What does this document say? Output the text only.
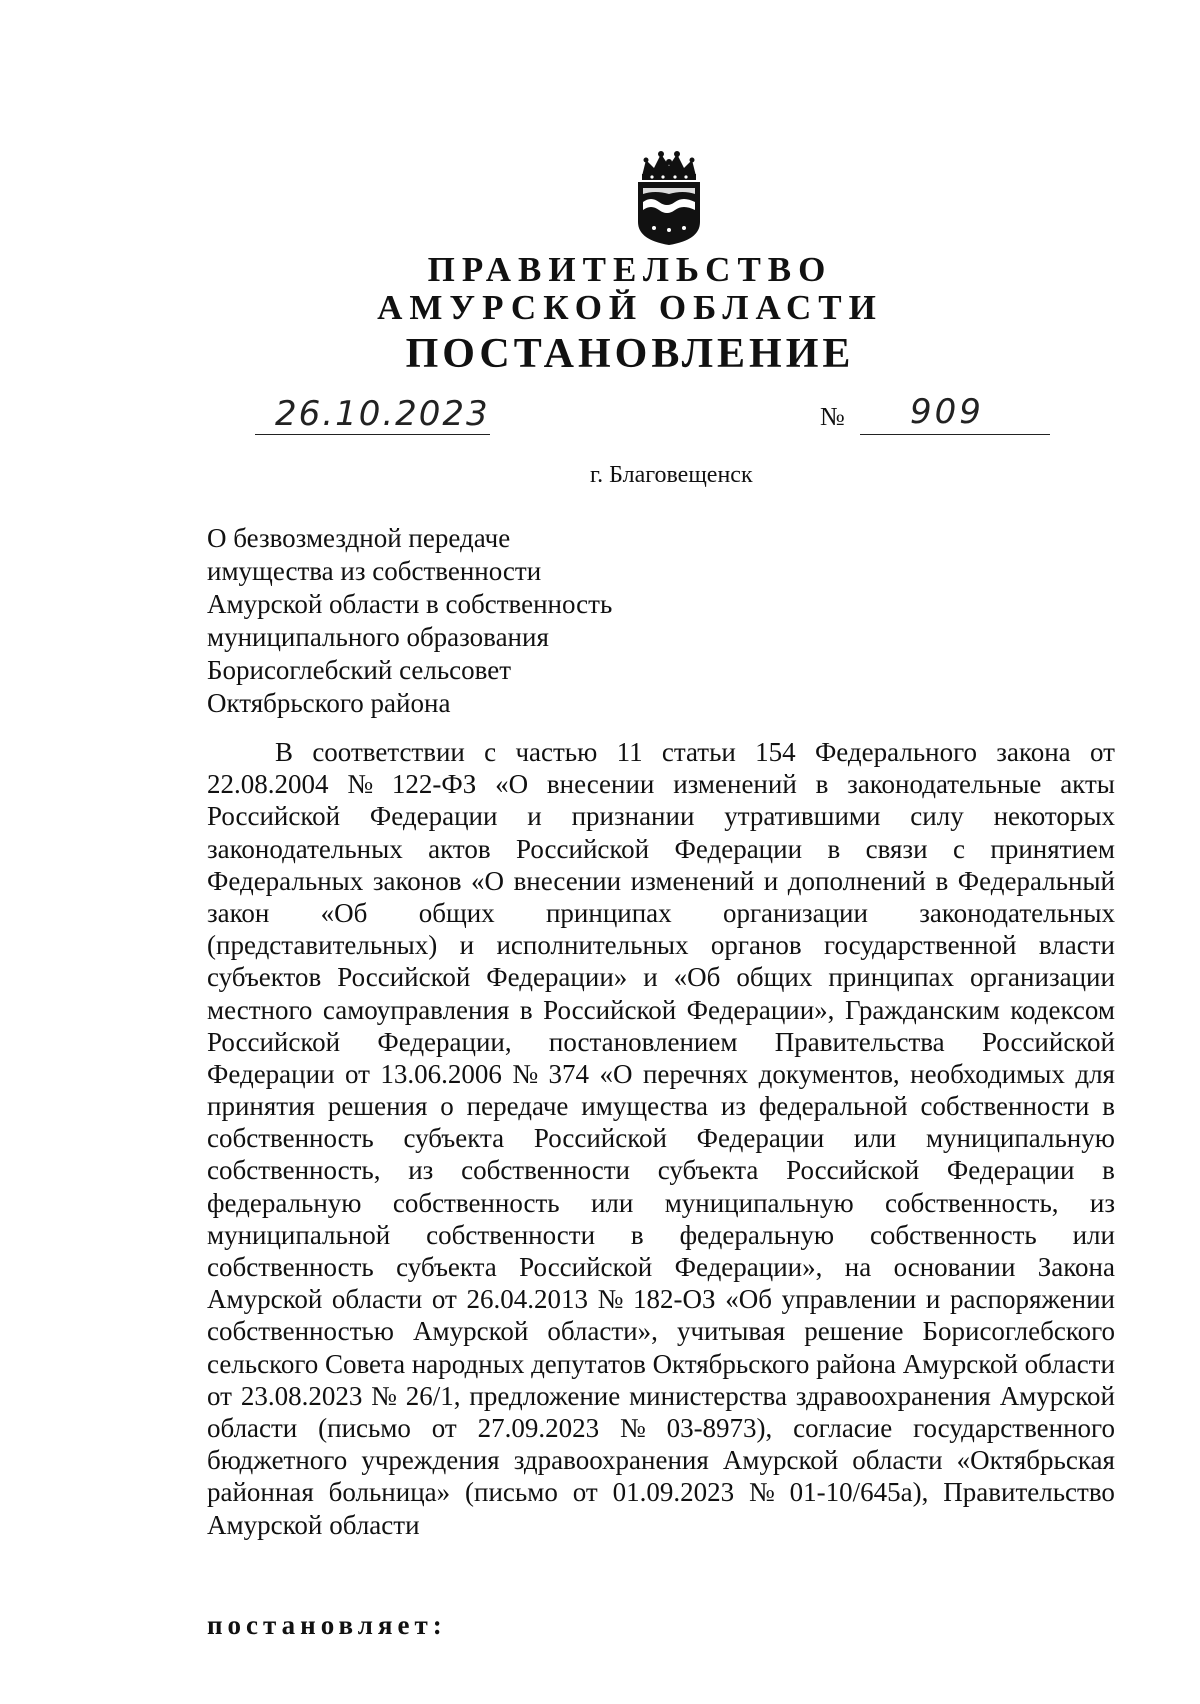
ПРАВИТЕЛЬСТВО
АМУРСКОЙ ОБЛАСТИ
ПОСТАНОВЛЕНИЕ
26.10.2023	№ 909
г. Благовещенск
О безвозмездной передаче
имущества из собственности
Амурской области в собственность
муниципального образования
Борисоглебский сельсовет
Октябрьского района
В соответствии с частью 11 статьи 154 Федерального закона от
22.08.2004 № 122-ФЗ «О внесении изменений в законодательные акты
Российской Федерации и признании утратившими силу некоторых
законодательных актов Российской Федерации в связи с принятием
Федеральных законов «О внесении изменений и дополнений в Федеральный
закон «Об общих принципах организации законодательных
(представительных) и исполнительных органов государственной власти
субъектов Российской Федерации» и «Об общих принципах организации
местного самоуправления в Российской Федерации», Гражданским кодексом
Российской Федерации, постановлением Правительства Российской
Федерации от 13.06.2006 № 374 «О перечнях документов, необходимых для
принятия решения о передаче имущества из федеральной собственности в
собственность субъекта Российской Федерации или муниципальную
собственность, из собственности субъекта Российской Федерации в
федеральную собственность или муниципальную собственность, из
муниципальной собственности в федеральную собственность или
собственность субъекта Российской Федерации», на основании Закона
Амурской области от 26.04.2013 № 182-ОЗ «Об управлении и распоряжении
собственностью Амурской области», учитывая решение Борисоглебского
сельского Совета народных депутатов Октябрьского района Амурской области
от 23.08.2023 № 26/1, предложение министерства здравоохранения Амурской
области (письмо от 27.09.2023 № 03-8973), согласие государственного
бюджетного учреждения здравоохранения Амурской области «Октябрьская
районная больница» (письмо от 01.09.2023 № 01-10/645а), Правительство
Амурской области
постановляет:
